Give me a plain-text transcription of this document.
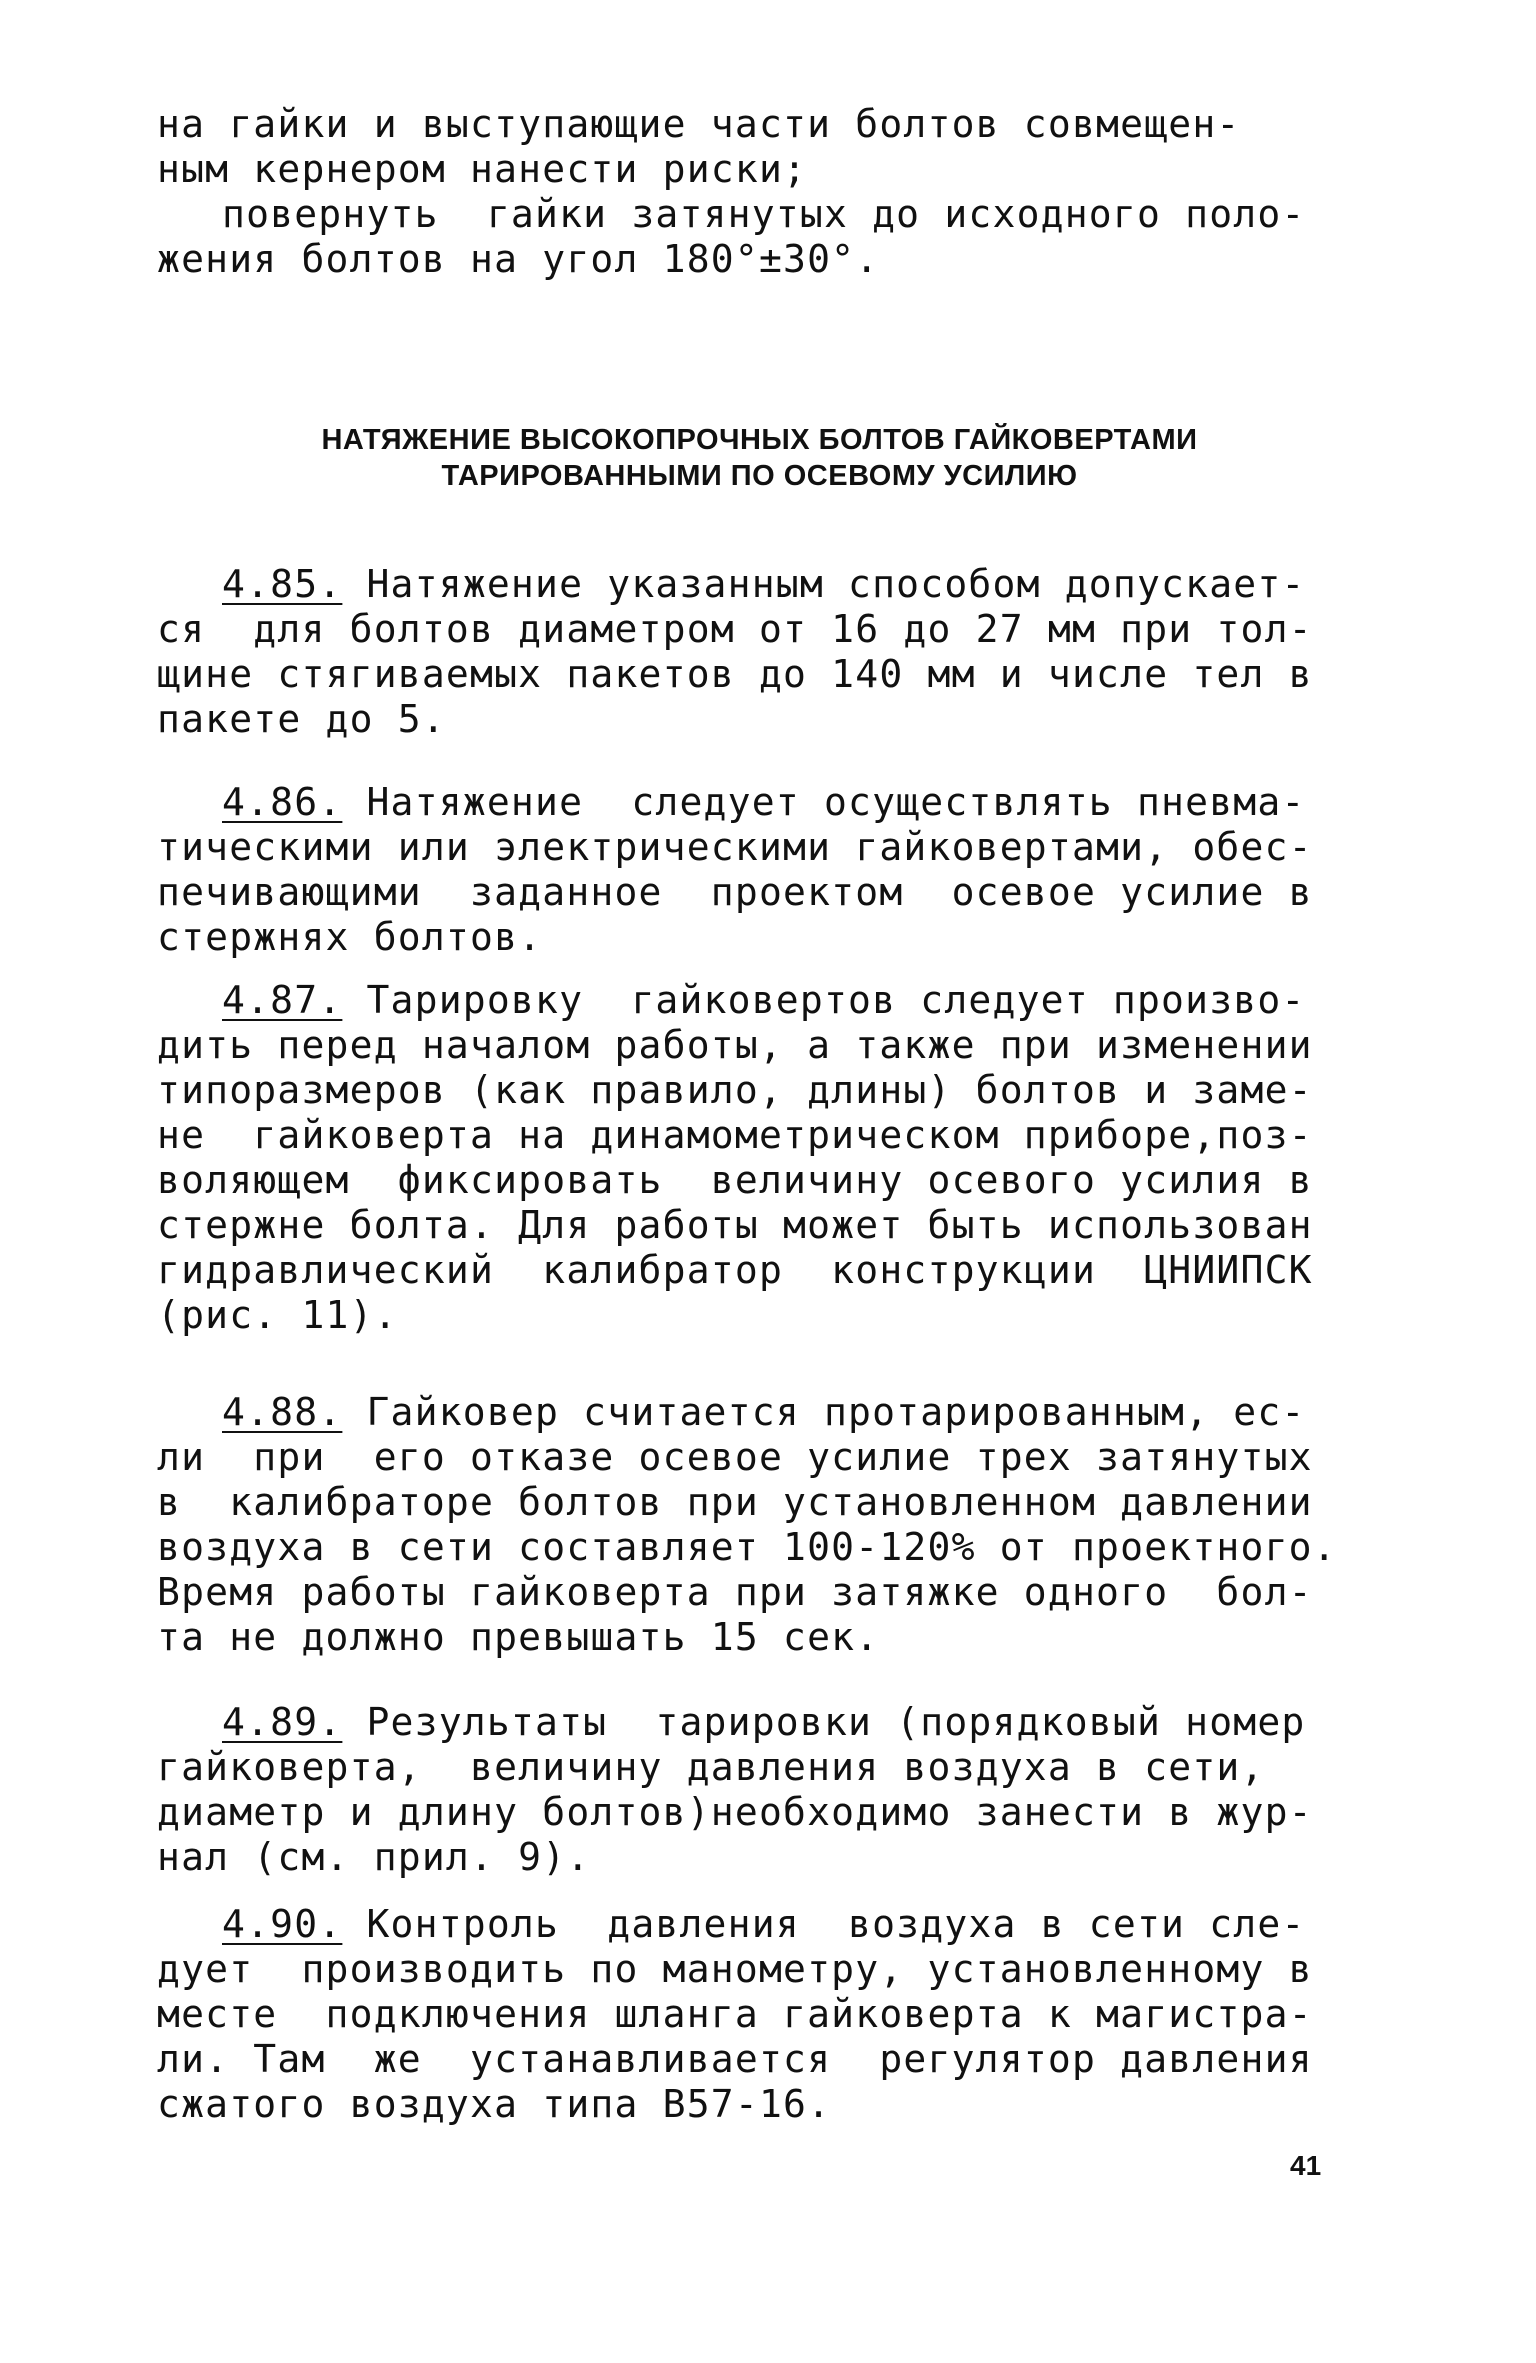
на гайки и выступающие части болтов совмещен-
ным кернером нанести риски;
повернуть  гайки затянутых до исходного поло-
жения болтов на угол 180°±30°.
НАТЯЖЕНИЕ ВЫСОКОПРОЧНЫХ БОЛТОВ ГАЙКОВЕРТАМИ
ТАРИРОВАННЫМИ ПО ОСЕВОМУ УСИЛИЮ
4.85. Натяжение указанным способом допускает-
ся  для болтов диаметром от 16 до 27 мм при тол-
щине стягиваемых пакетов до 140 мм и числе тел в
пакете до 5.
4.86. Натяжение  следует осуществлять пневма-
тическими или электрическими гайковертами, обес-
печивающими  заданное  проектом  осевое усилие в
стержнях болтов.
4.87. Тарировку  гайковертов следует произво-
дить перед началом работы, а также при изменении
типоразмеров (как правило, длины) болтов и заме-
не  гайковерта на динамометрическом приборе,поз-
воляющем  фиксировать  величину осевого усилия в
стержне болта. Для работы может быть использован
гидравлический  калибратор  конструкции  ЦНИИПСК
(рис. 11).
4.88. Гайковер считается протарированным, ес-
ли  при  его отказе осевое усилие трех затянутых
в  калибраторе болтов при установленном давлении
воздуха в сети составляет 100-120% от проектного.
Время работы гайковерта при затяжке одного  бол-
та не должно превышать 15 сек.
4.89. Результаты  тарировки (порядковый номер
гайковерта,  величину давления воздуха в сети,
диаметр и длину болтов)необходимо занести в жур-
нал (см. прил. 9).
4.90. Контроль  давления  воздуха в сети сле-
дует  производить по манометру, установленному в
месте  подключения шланга гайковерта к магистра-
ли. Там  же  устанавливается  регулятор давления
сжатого воздуха типа В57-16.
41
